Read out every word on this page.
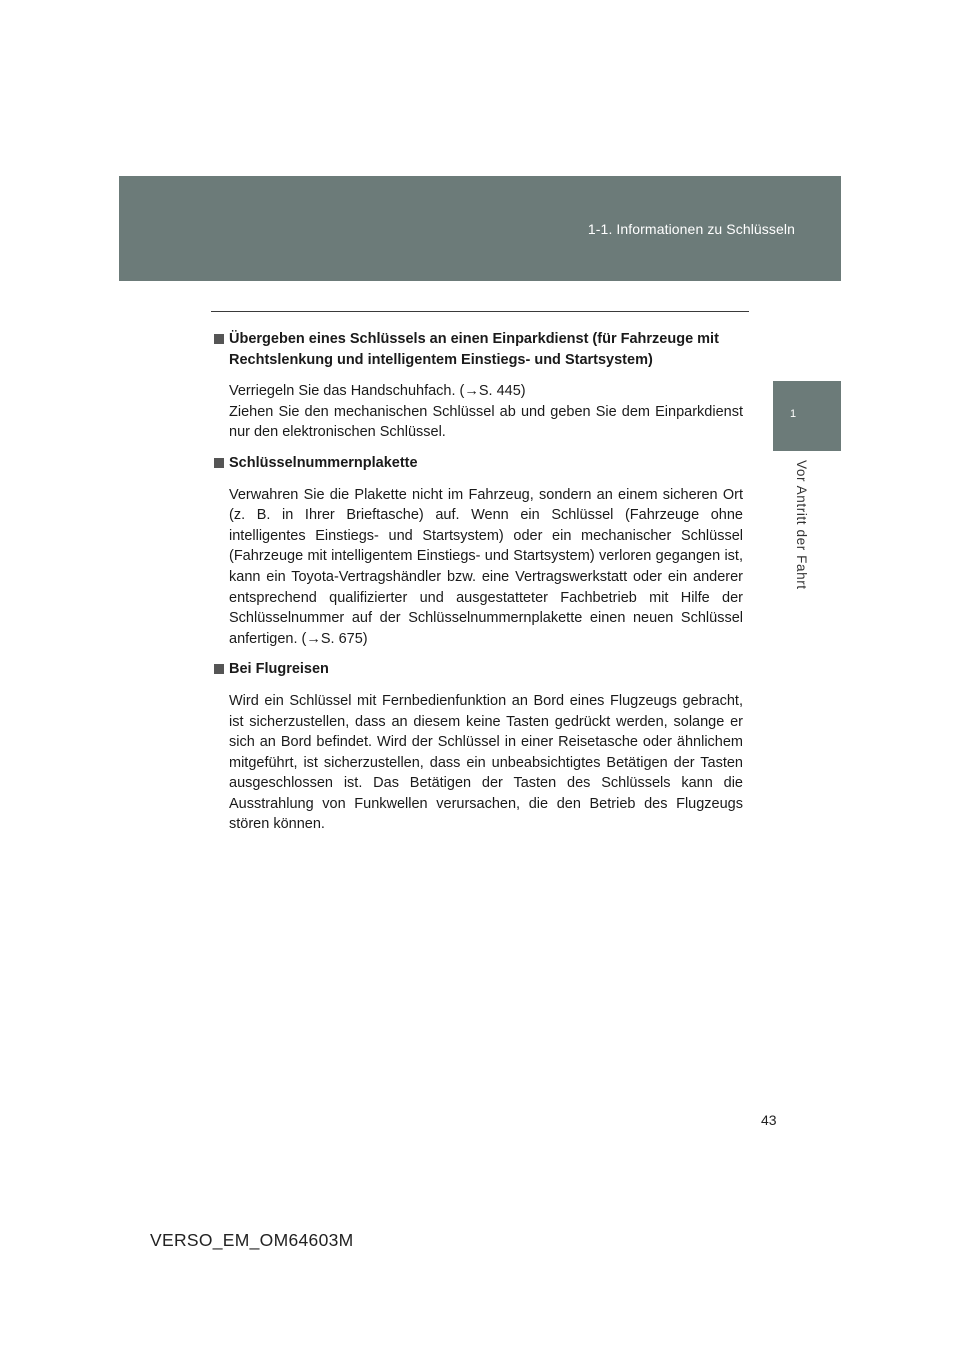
1-1. Informationen zu Schlüsseln
1
Vor Antritt der Fahrt

Übergeben eines Schlüssels an einen Einparkdienst (für Fahrzeuge mit Rechtslenkung und intelligentem Einstiegs- und Startsystem)

Verriegeln Sie das Handschuhfach. (→S. 445)

Ziehen Sie den mechanischen Schlüssel ab und geben Sie dem Einparkdienst nur den elektronischen Schlüssel.

Schlüsselnummernplakette

Verwahren Sie die Plakette nicht im Fahrzeug, sondern an einem sicheren Ort (z. B. in Ihrer Brieftasche) auf. Wenn ein Schlüssel (Fahrzeuge ohne intelligentes Einstiegs- und Startsystem) oder ein mechanischer Schlüssel (Fahrzeuge mit intelligentem Einstiegs- und Startsystem) verloren gegangen ist, kann ein Toyota-Vertragshändler bzw. eine Vertragswerkstatt oder ein anderer entsprechend qualifizierter und ausgestatteter Fachbetrieb mit Hilfe der Schlüsselnummer auf der Schlüsselnummernplakette einen neuen Schlüssel anfertigen. (→S. 675)

Bei Flugreisen

Wird ein Schlüssel mit Fernbedienfunktion an Bord eines Flugzeugs gebracht, ist sicherzustellen, dass an diesem keine Tasten gedrückt werden, solange er sich an Bord befindet. Wird der Schlüssel in einer Reisetasche oder ähnlichem mitgeführt, ist sicherzustellen, dass ein unbeabsichtigtes Betätigen der Tasten ausgeschlossen ist. Das Betätigen der Tasten des Schlüssels kann die Ausstrahlung von Funkwellen verursachen, die den Betrieb des Flugzeugs stören können.

43
VERSO_EM_OM64603M
